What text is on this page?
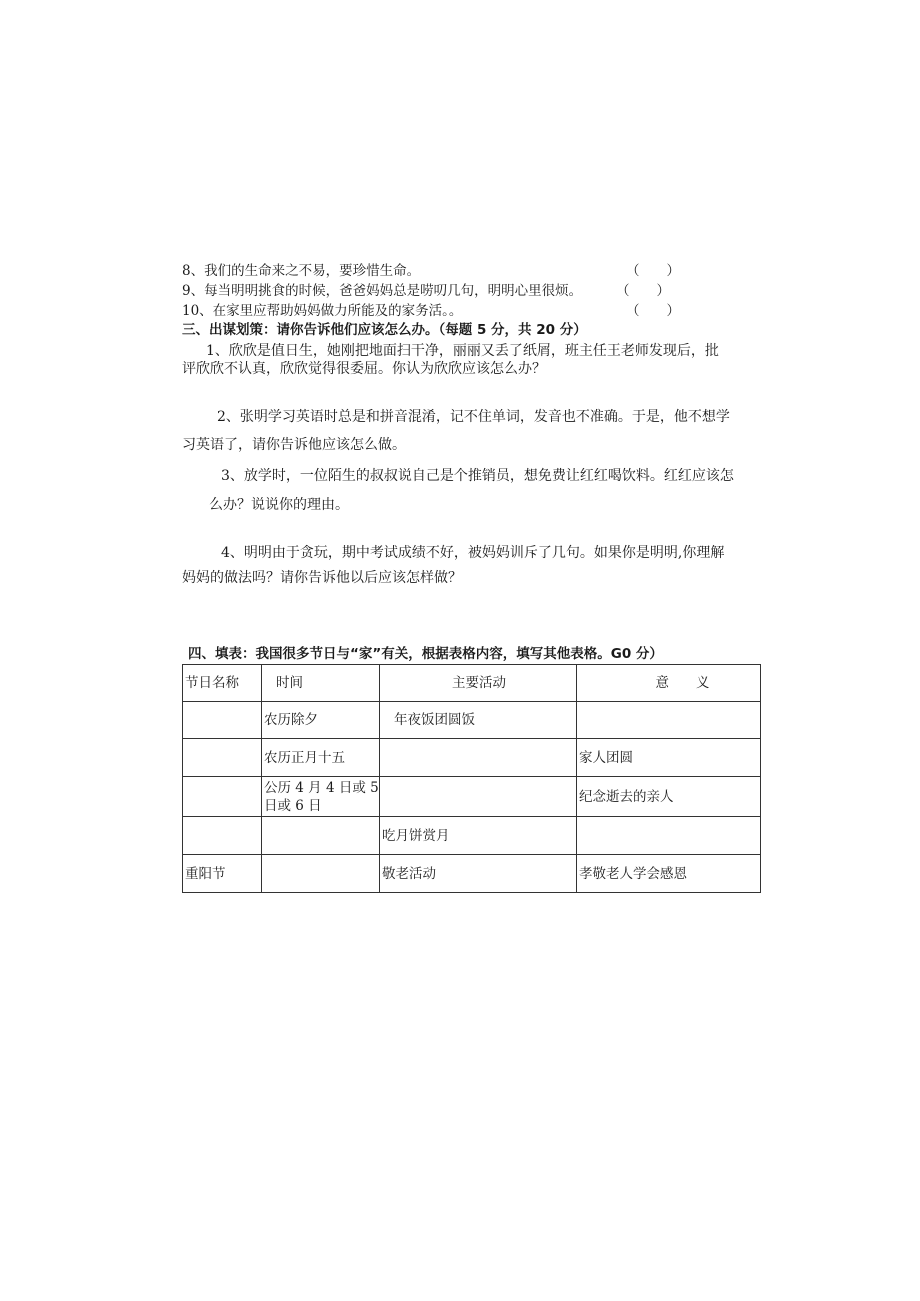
8、我们的生命来之不易，要珍惜生命。	（　　）
9、每当明明挑食的时候，爸爸妈妈总是唠叨几句，明明心里很烦。	（　　）
10、在家里应帮助妈妈做力所能及的家务活。。	（　　）
三、出谋划策：请你告诉他们应该怎么办。（每题 5 分，共 20 分）
1、欣欣是值日生，她刚把地面扫干净，丽丽又丢了纸屑，班主任王老师发现后，批
评欣欣不认真，欣欣觉得很委屈。你认为欣欣应该怎么办？
2、张明学习英语时总是和拼音混淆，记不住单词，发音也不准确。于是，他不想学
习英语了，请你告诉他应该怎么做。
3、放学时，一位陌生的叔叔说自己是个推销员，想免费让红红喝饮料。红红应该怎
么办？说说你的理由。
4、明明由于贪玩，期中考试成绩不好，被妈妈训斥了几句。如果你是明明,你理解
妈妈的做法吗？请你告诉他以后应该怎样做？
四、填表：我国很多节日与“家”有关，根据表格内容，填写其他表格。G0 分）
节日名称	时间	主要活动	意　　义
	农历除夕	年夜饭团圆饭	
	农历正月十五		家人团圆
	公历 4 月 4 日或 5 日或 6 日		纪念逝去的亲人
		吃月饼赏月	
重阳节		敬老活动	孝敬老人学会感恩
